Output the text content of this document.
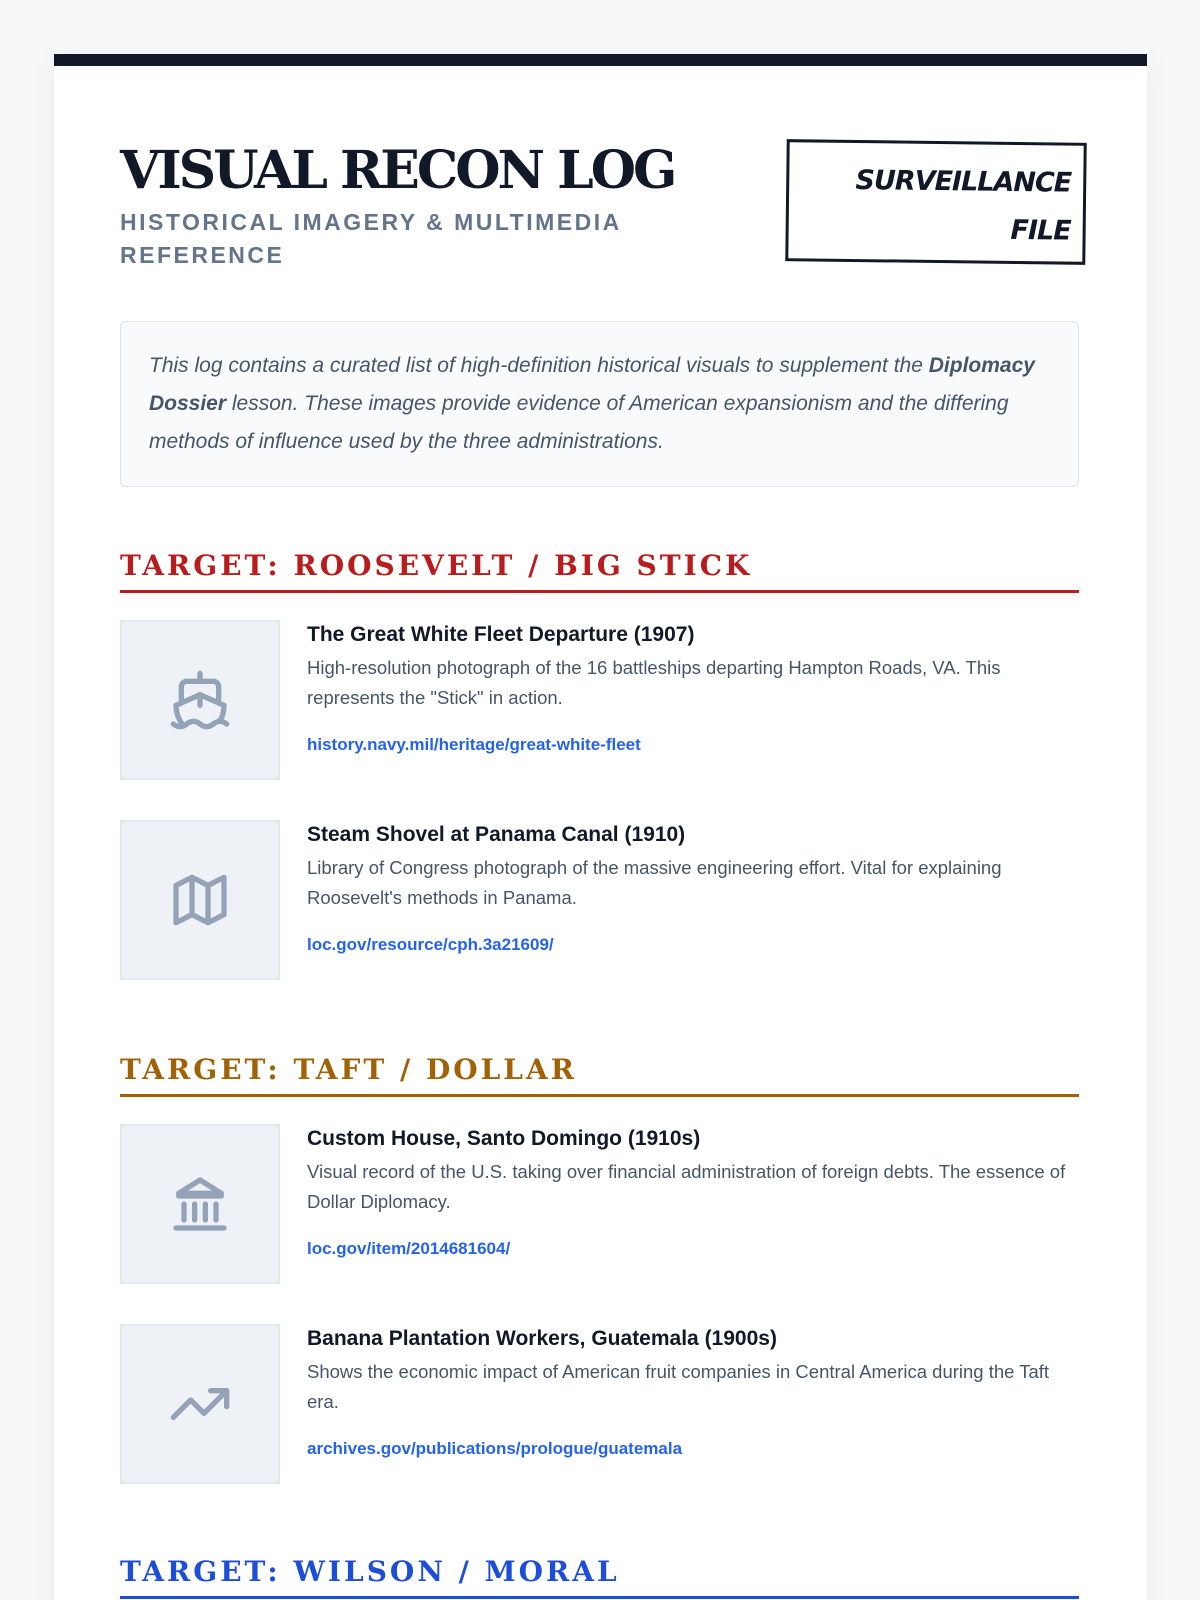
VISUAL RECON LOG
HISTORICAL IMAGERY & MULTIMEDIA REFERENCE
SURVEILLANCE
FILE
This log contains a curated list of high-definition historical visuals to supplement the Diplomacy Dossier lesson. These images provide evidence of American expansionism and the differing methods of influence used by the three administrations.
TARGET: ROOSEVELT / BIG STICK
The Great White Fleet Departure (1907)
High-resolution photograph of the 16 battleships departing Hampton Roads, VA. This represents the "Stick" in action.
history.navy.mil/heritage/great-white-fleet
Steam Shovel at Panama Canal (1910)
Library of Congress photograph of the massive engineering effort. Vital for explaining Roosevelt's methods in Panama.
loc.gov/resource/cph.3a21609/
TARGET: TAFT / DOLLAR
Custom House, Santo Domingo (1910s)
Visual record of the U.S. taking over financial administration of foreign debts. The essence of Dollar Diplomacy.
loc.gov/item/2014681604/
Banana Plantation Workers, Guatemala (1900s)
Shows the economic impact of American fruit companies in Central America during the Taft era.
archives.gov/publications/prologue/guatemala
TARGET: WILSON / MORAL
